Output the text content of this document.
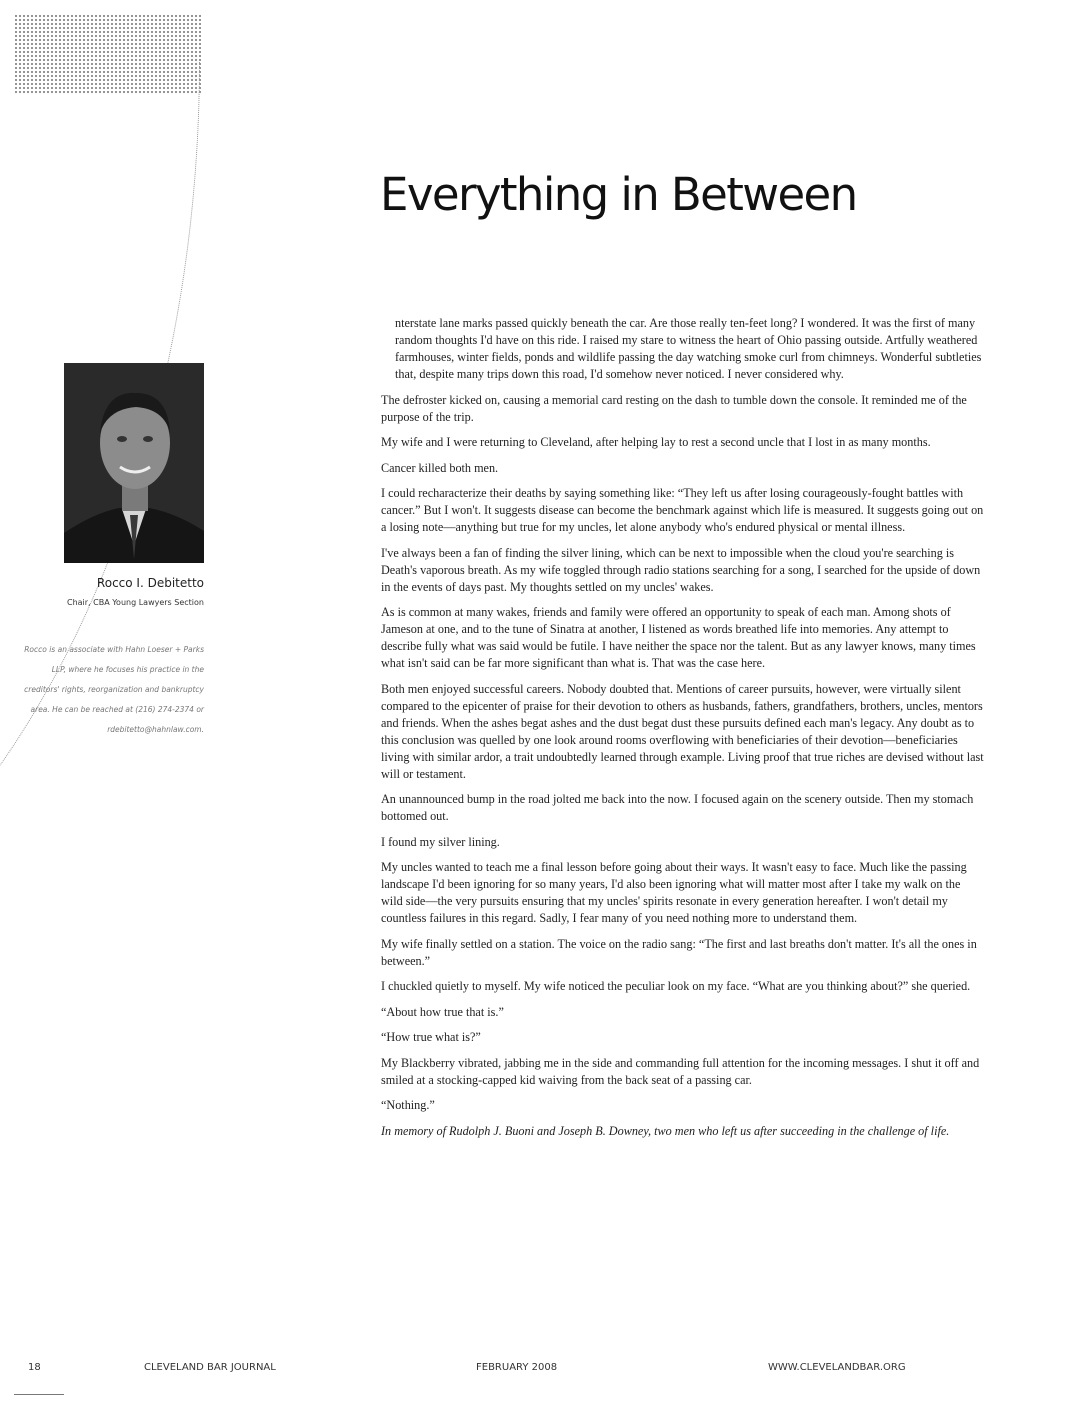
Everything in Between
Rocco I. Debitetto
Chair, CBA Young Lawyers Section
Rocco is an associate with Hahn Loeser + Parks LLP, where he focuses his practice in the creditors' rights, reorganization and bankruptcy area. He can be reached at (216) 274-2374 or rdebitetto@hahnlaw.com.

nterstate lane marks passed quickly beneath the car. Are those really ten-feet long? I wondered. It was the first of many random thoughts I'd have on this ride. I raised my stare to witness the heart of Ohio passing outside. Artfully weathered farmhouses, winter fields, ponds and wildlife passing the day watching smoke curl from chimneys. Wonderful subtleties that, despite many trips down this road, I'd somehow never noticed. I never considered why.

The defroster kicked on, causing a memorial card resting on the dash to tumble down the console. It reminded me of the purpose of the trip.

My wife and I were returning to Cleveland, after helping lay to rest a second uncle that I lost in as many months.

Cancer killed both men.

I could recharacterize their deaths by saying something like: “They left us after losing courageously-fought battles with cancer.” But I won't. It suggests disease can become the benchmark against which life is measured. It suggests going out on a losing note—anything but true for my uncles, let alone anybody who's endured physical or mental illness.

I've always been a fan of finding the silver lining, which can be next to impossible when the cloud you're searching is Death's vaporous breath. As my wife toggled through radio stations searching for a song, I searched for the upside of down in the events of days past. My thoughts settled on my uncles' wakes.

As is common at many wakes, friends and family were offered an opportunity to speak of each man. Among shots of Jameson at one, and to the tune of Sinatra at another, I listened as words breathed life into memories. Any attempt to describe fully what was said would be futile. I have neither the space nor the talent. But as any lawyer knows, many times what isn't said can be far more significant than what is. That was the case here.

Both men enjoyed successful careers. Nobody doubted that. Mentions of career pursuits, however, were virtually silent compared to the epicenter of praise for their devotion to others as husbands, fathers, grandfathers, brothers, uncles, mentors and friends. When the ashes begat ashes and the dust begat dust these pursuits defined each man's legacy. Any doubt as to this conclusion was quelled by one look around rooms overflowing with beneficiaries of their devotion—beneficiaries living with similar ardor, a trait undoubtedly learned through example. Living proof that true riches are devised without last will or testament.

An unannounced bump in the road jolted me back into the now. I focused again on the scenery outside. Then my stomach bottomed out.

I found my silver lining.

My uncles wanted to teach me a final lesson before going about their ways. It wasn't easy to face. Much like the passing landscape I'd been ignoring for so many years, I'd also been ignoring what will matter most after I take my walk on the wild side—the very pursuits ensuring that my uncles' spirits resonate in every generation hereafter. I won't detail my countless failures in this regard. Sadly, I fear many of you need nothing more to understand them.

My wife finally settled on a station. The voice on the radio sang: “The first and last breaths don't matter. It's all the ones in between.”

I chuckled quietly to myself. My wife noticed the peculiar look on my face. “What are you thinking about?” she queried.

“About how true that is.”

“How true what is?”

My Blackberry vibrated, jabbing me in the side and commanding full attention for the incoming messages. I shut it off and smiled at a stocking-capped kid waiving from the back seat of a passing car.

“Nothing.”

In memory of Rudolph J. Buoni and Joseph B. Downey, two men who left us after succeeding in the challenge of life.

18	CLEVELAND BAR JOURNAL	FEBRUARY 2008	WWW.CLEVELANDBAR.ORG
